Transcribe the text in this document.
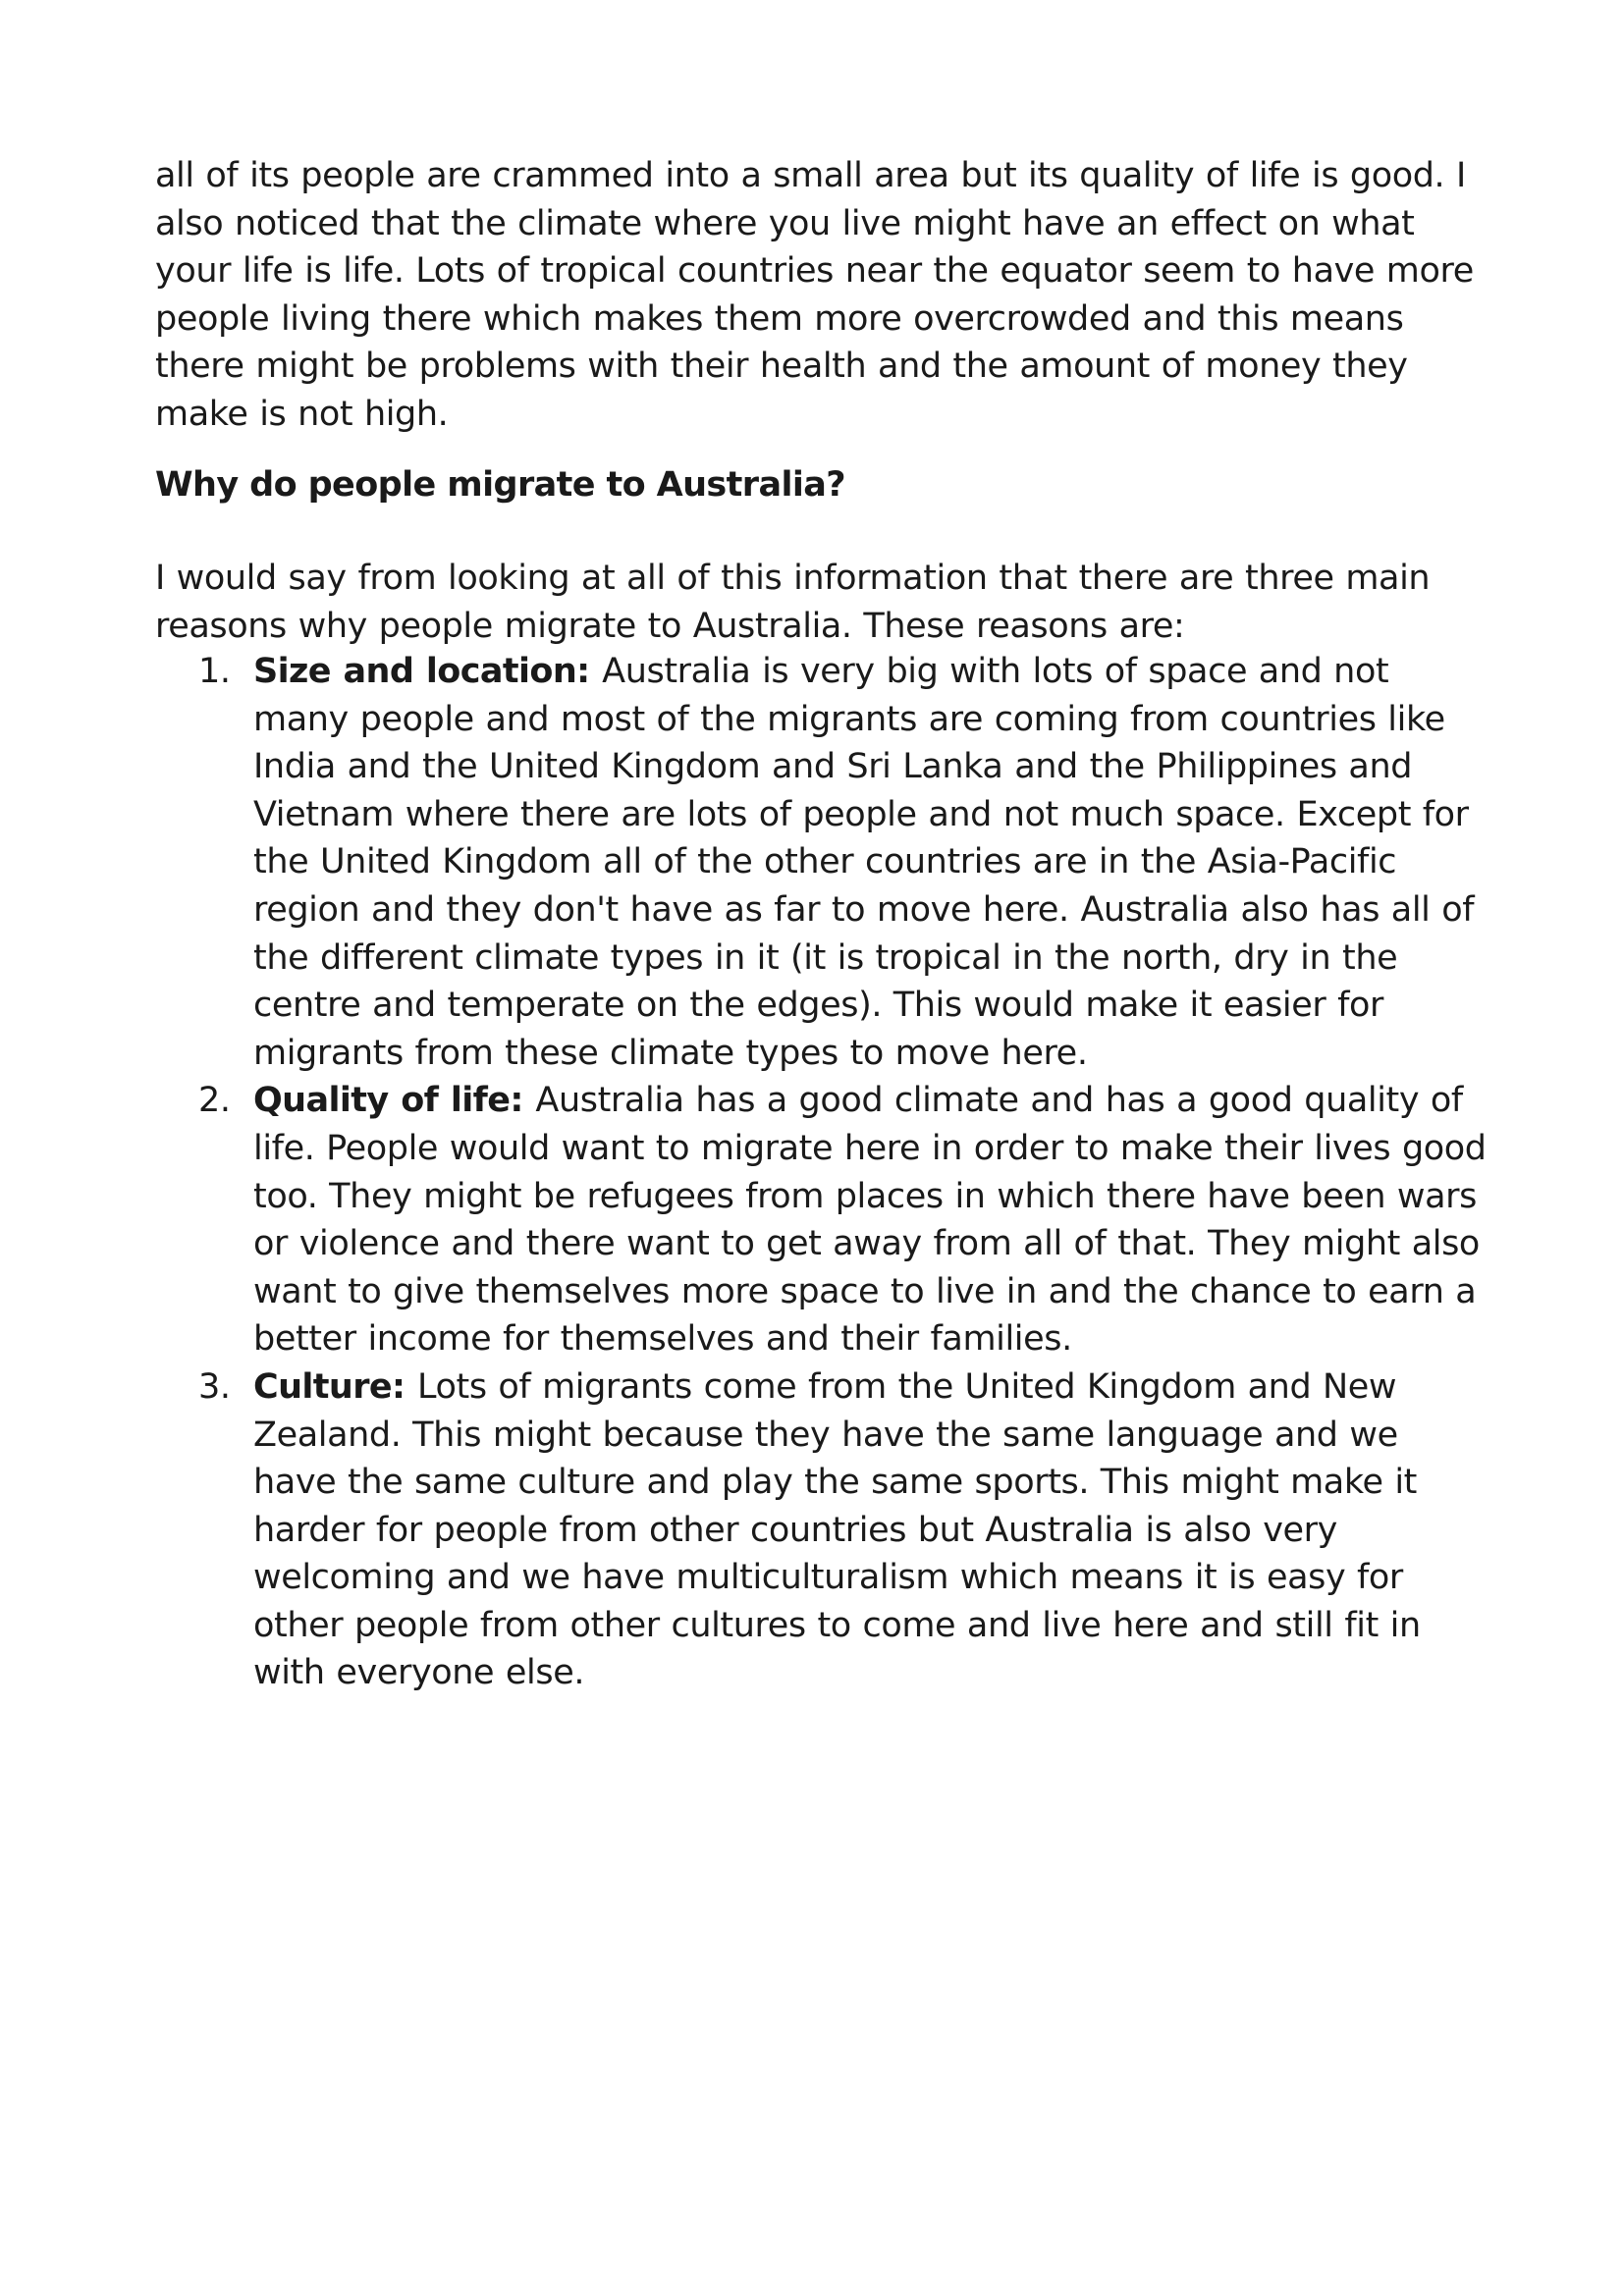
all of its people are crammed into a small area but its quality of life is good. I also noticed that the climate where you live might have an effect on what your life is life. Lots of tropical countries near the equator seem to have more people living there which makes them more overcrowded and this means there might be problems with their health and the amount of money they make is not high.

Why do people migrate to Australia?

I would say from looking at all of this information that there are three main reasons why people migrate to Australia. These reasons are:

1. Size and location: Australia is very big with lots of space and not many people and most of the migrants are coming from countries like India and the United Kingdom and Sri Lanka and the Philippines and Vietnam where there are lots of people and not much space. Except for the United Kingdom all of the other countries are in the Asia-Pacific region and they don't have as far to move here. Australia also has all of the different climate types in it (it is tropical in the north, dry in the centre and temperate on the edges). This would make it easier for migrants from these climate types to move here.
2. Quality of life: Australia has a good climate and has a good quality of life. People would want to migrate here in order to make their lives good too. They might be refugees from places in which there have been wars or violence and there want to get away from all of that. They might also want to give themselves more space to live in and the chance to earn a better income for themselves and their families.
3. Culture: Lots of migrants come from the United Kingdom and New Zealand. This might because they have the same language and we have the same culture and play the same sports. This might make it harder for people from other countries but Australia is also very welcoming and we have multiculturalism which means it is easy for other people from other cultures to come and live here and still fit in with everyone else.
